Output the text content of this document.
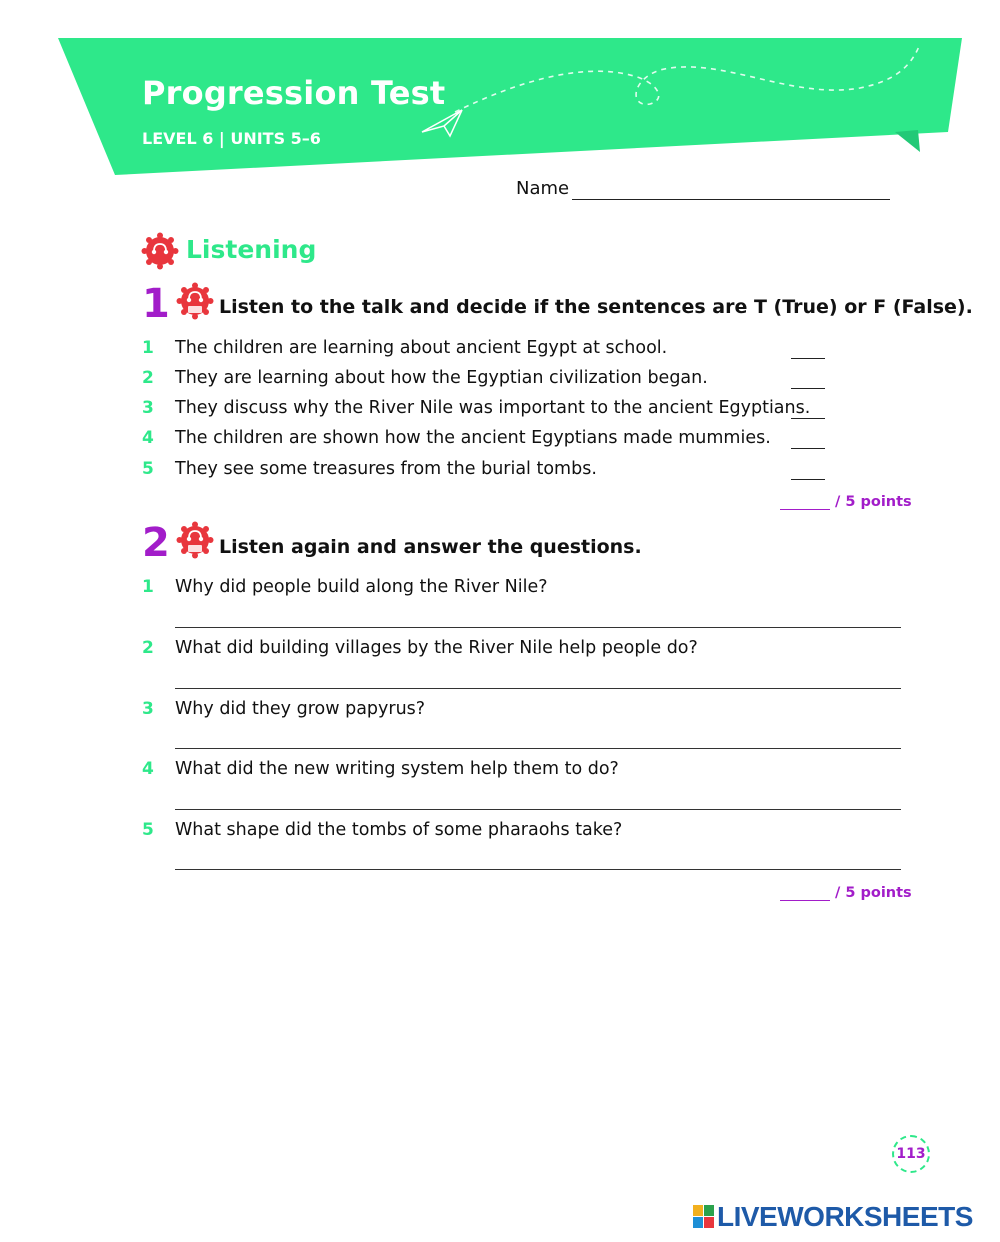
Progression Test
LEVEL 6 | UNITS 5–6
Name
Listening
1	Listen to the talk and decide if the sentences are T (True) or F (False).
1 The children are learning about ancient Egypt at school.
2 They are learning about how the Egyptian civilization began.
3 They discuss why the River Nile was important to the ancient Egyptians.
4 The children are shown how the ancient Egyptians made mummies.
5 They see some treasures from the burial tombs.
/ 5 points
2	Listen again and answer the questions.
1 Why did people build along the River Nile?
2 What did building villages by the River Nile help people do?
3 Why did they grow papyrus?
4 What did the new writing system help them to do?
5 What shape did the tombs of some pharaohs take?
/ 5 points
113
LIVEWORKSHEETS
